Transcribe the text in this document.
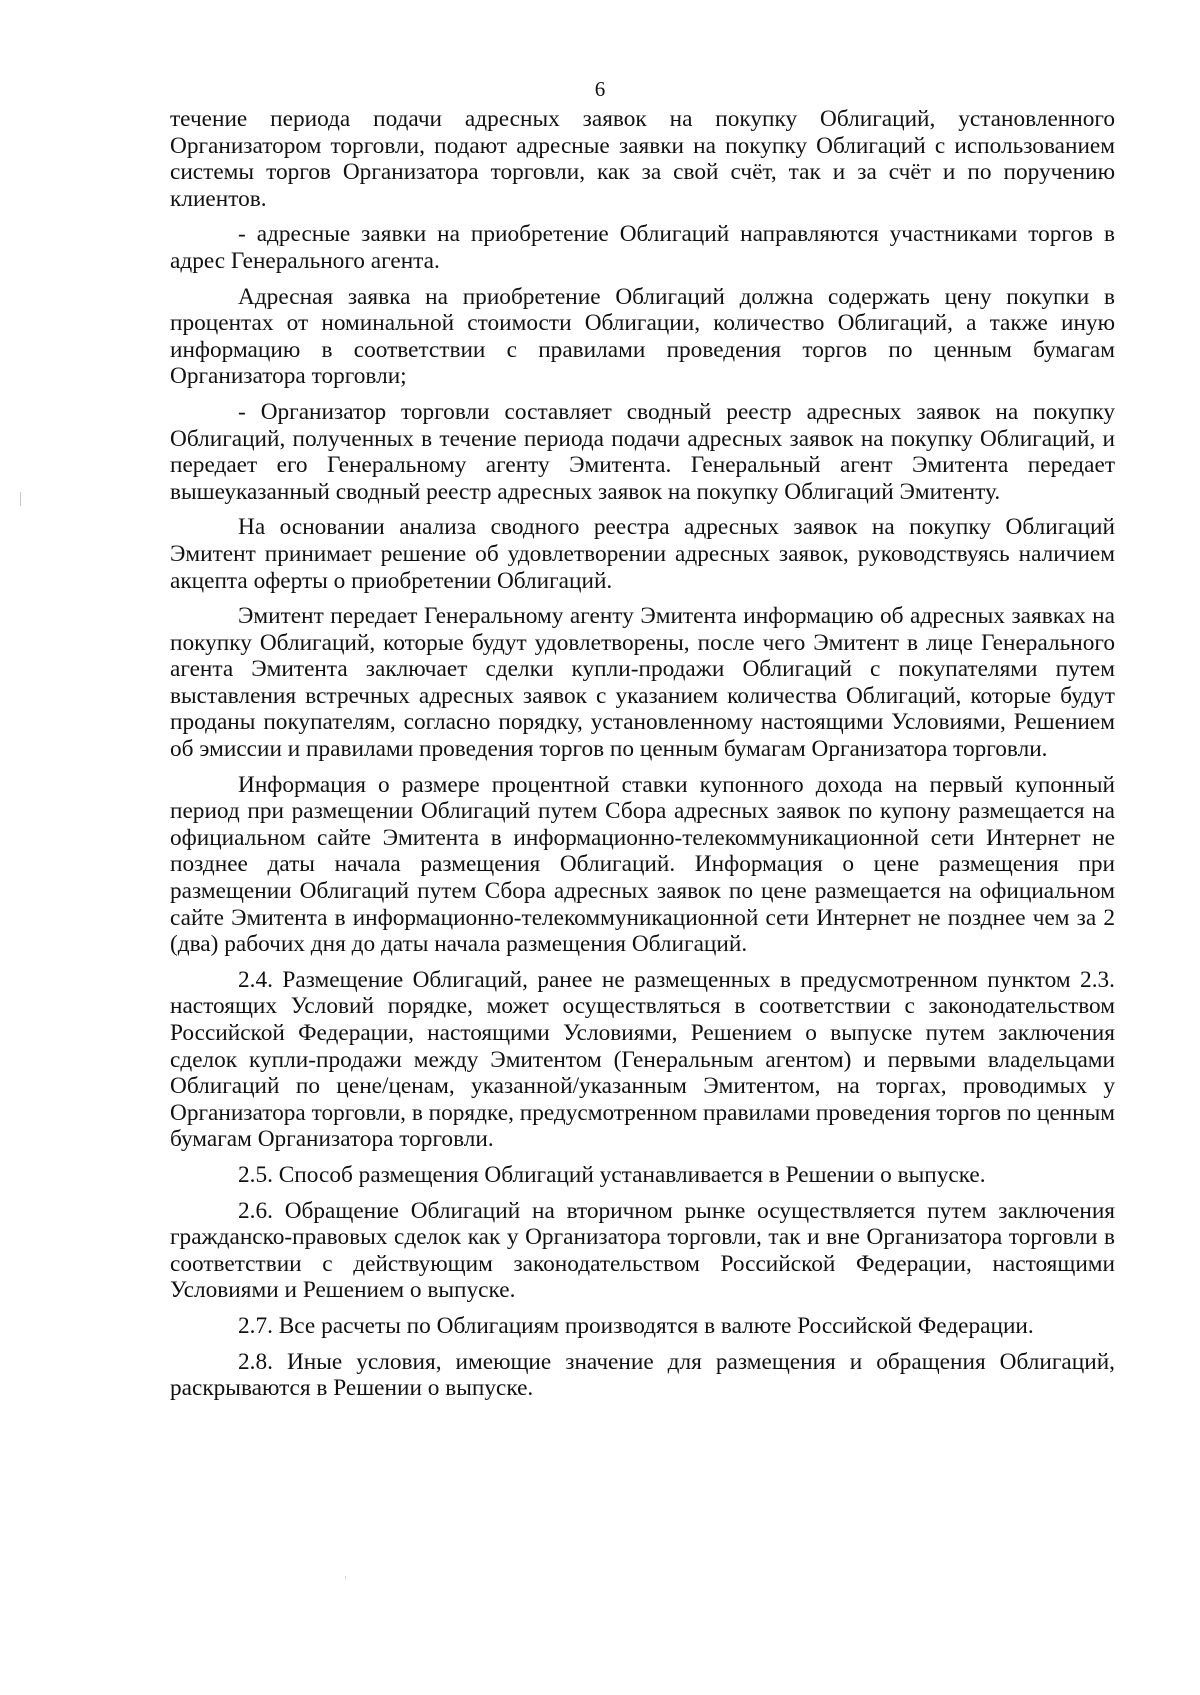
6

течение периода подачи адресных заявок на покупку Облигаций, установленного Организатором торговли, подают адресные заявки на покупку Облигаций с использованием системы торгов Организатора торговли, как за свой счёт, так и за счёт и по поручению клиентов.

- адресные заявки на приобретение Облигаций направляются участниками торгов в адрес Генерального агента.

Адресная заявка на приобретение Облигаций должна содержать цену покупки в процентах от номинальной стоимости Облигации, количество Облигаций, а также иную информацию в соответствии с правилами проведения торгов по ценным бумагам Организатора торговли;

- Организатор торговли составляет сводный реестр адресных заявок на покупку Облигаций, полученных в течение периода подачи адресных заявок на покупку Облигаций, и передает его Генеральному агенту Эмитента. Генеральный агент Эмитента передает вышеуказанный сводный реестр адресных заявок на покупку Облигаций Эмитенту.

На основании анализа сводного реестра адресных заявок на покупку Облигаций Эмитент принимает решение об удовлетворении адресных заявок, руководствуясь наличием акцепта оферты о приобретении Облигаций.

Эмитент передает Генеральному агенту Эмитента информацию об адресных заявках на покупку Облигаций, которые будут удовлетворены, после чего Эмитент в лице Генерального агента Эмитента заключает сделки купли-продажи Облигаций с покупателями путем выставления встречных адресных заявок с указанием количества Облигаций, которые будут проданы покупателям, согласно порядку, установленному настоящими Условиями, Решением об эмиссии и правилами проведения торгов по ценным бумагам Организатора торговли.

Информация о размере процентной ставки купонного дохода на первый купонный период при размещении Облигаций путем Сбора адресных заявок по купону размещается на официальном сайте Эмитента в информационно-телекоммуникационной сети Интернет не позднее даты начала размещения Облигаций. Информация о цене размещения при размещении Облигаций путем Сбора адресных заявок по цене размещается на официальном сайте Эмитента в информационно-телекоммуникационной сети Интернет не позднее чем за 2 (два) рабочих дня до даты начала размещения Облигаций.

2.4. Размещение Облигаций, ранее не размещенных в предусмотренном пунктом 2.3. настоящих Условий порядке, может осуществляться в соответствии с законодательством Российской Федерации, настоящими Условиями, Решением о выпуске путем заключения сделок купли-продажи между Эмитентом (Генеральным агентом) и первыми владельцами Облигаций по цене/ценам, указанной/указанным Эмитентом, на торгах, проводимых у Организатора торговли, в порядке, предусмотренном правилами проведения торгов по ценным бумагам Организатора торговли.

2.5. Способ размещения Облигаций устанавливается в Решении о выпуске.

2.6. Обращение Облигаций на вторичном рынке осуществляется путем заключения гражданско-правовых сделок как у Организатора торговли, так и вне Организатора торговли в соответствии с действующим законодательством Российской Федерации, настоящими Условиями и Решением о выпуске.

2.7. Все расчеты по Облигациям производятся в валюте Российской Федерации.

2.8. Иные условия, имеющие значение для размещения и обращения Облигаций, раскрываются в Решении о выпуске.
